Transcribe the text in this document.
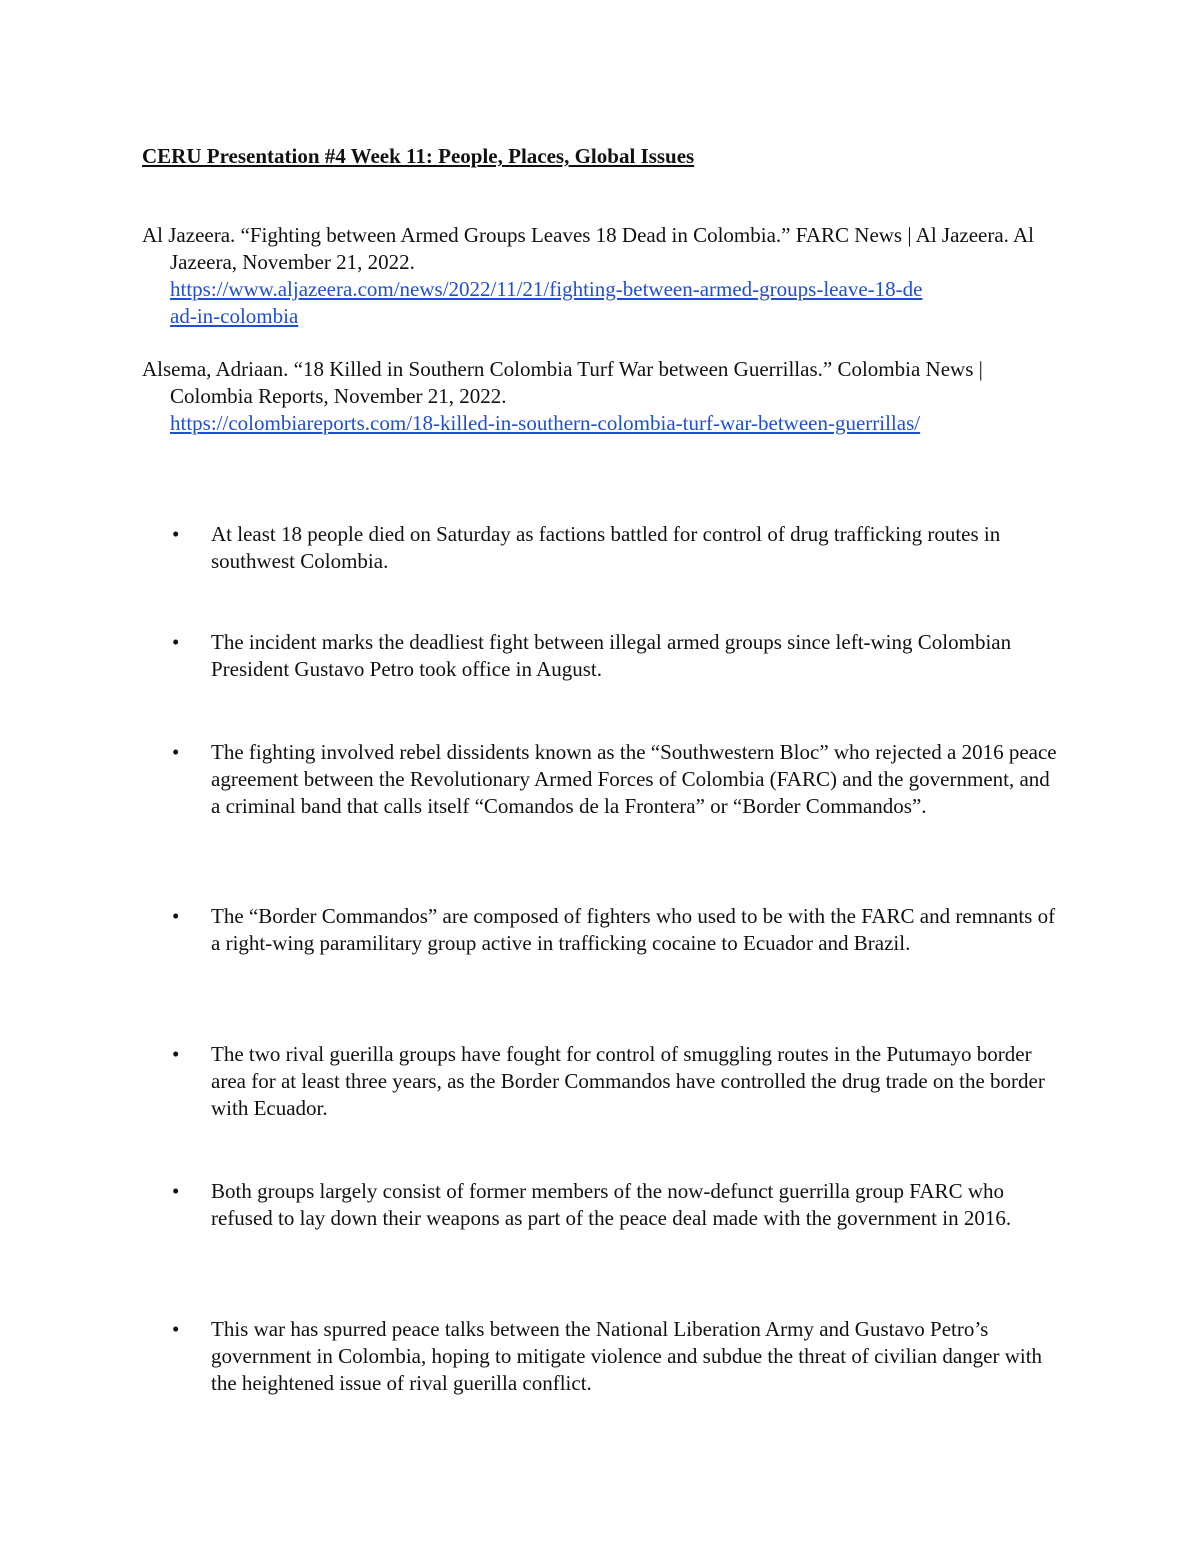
CERU Presentation #4 Week 11: People, Places, Global Issues
Al Jazeera. “Fighting between Armed Groups Leaves 18 Dead in Colombia.” FARC News | Al Jazeera. Al Jazeera, November 21, 2022.
https://www.aljazeera.com/news/2022/11/21/fighting-between-armed-groups-leave-18-de
ad-in-colombia
Alsema, Adriaan. “18 Killed in Southern Colombia Turf War between Guerrillas.” Colombia News | Colombia Reports, November 21, 2022.
https://colombiareports.com/18-killed-in-southern-colombia-turf-war-between-guerrillas/
•	At least 18 people died on Saturday as factions battled for control of drug trafficking routes in southwest Colombia.
•	The incident marks the deadliest fight between illegal armed groups since left-wing Colombian President Gustavo Petro took office in August.
•	The fighting involved rebel dissidents known as the “Southwestern Bloc” who rejected a 2016 peace agreement between the Revolutionary Armed Forces of Colombia (FARC) and the government, and a criminal band that calls itself “Comandos de la Frontera” or “Border Commandos”.
•	The “Border Commandos” are composed of fighters who used to be with the FARC and remnants of a right-wing paramilitary group active in trafficking cocaine to Ecuador and Brazil.
•	The two rival guerilla groups have fought for control of smuggling routes in the Putumayo border area for at least three years, as the Border Commandos have controlled the drug trade on the border with Ecuador.
•	Both groups largely consist of former members of the now-defunct guerrilla group FARC who refused to lay down their weapons as part of the peace deal made with the government in 2016.
•	This war has spurred peace talks between the National Liberation Army and Gustavo Petro’s government in Colombia, hoping to mitigate violence and subdue the threat of civilian danger with the heightened issue of rival guerilla conflict.
